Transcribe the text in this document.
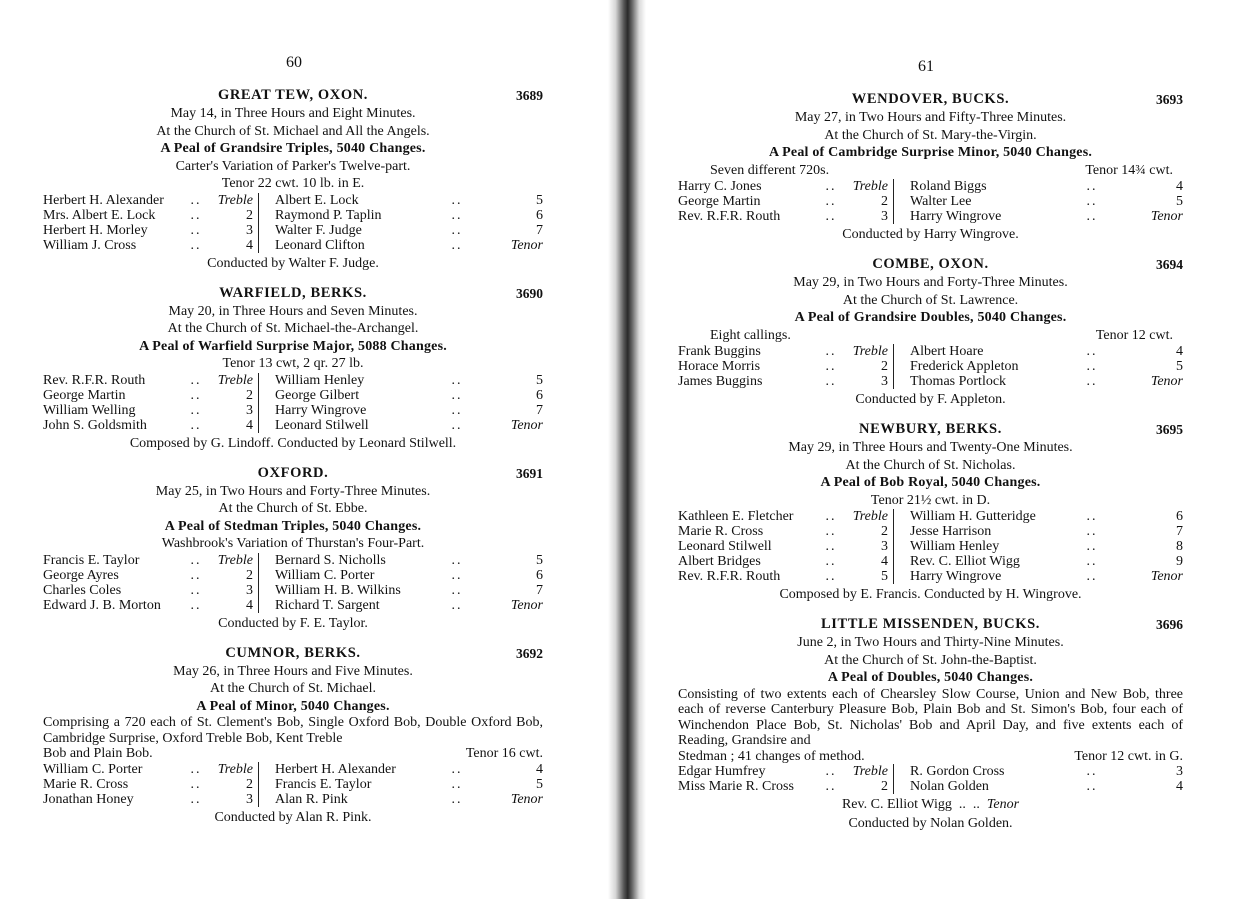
60
GREAT TEW, OXON.	3689
May 14, in Three Hours and Eight Minutes.
At the Church of St. Michael and All the Angels.
A Peal of Grandsire Triples, 5040 Changes.
Carter's Variation of Parker's Twelve-part.
Tenor 22 cwt. 10 lb. in E.
Herbert H. Alexander	..	Treble	Albert E. Lock	..	5
Mrs. Albert E. Lock	..	2	Raymond P. Taplin	..	6
Herbert H. Morley	..	3	Walter F. Judge	..	7
William J. Cross	..	4	Leonard Clifton	..	Tenor
Conducted by Walter F. Judge.
WARFIELD, BERKS.	3690
May 20, in Three Hours and Seven Minutes.
At the Church of St. Michael-the-Archangel.
A Peal of Warfield Surprise Major, 5088 Changes.
Tenor 13 cwt, 2 qr. 27 lb.
Rev. R.F.R. Routh	..	Treble	William Henley	..	5
George Martin	..	2	George Gilbert	..	6
William Welling	..	3	Harry Wingrove	..	7
John S. Goldsmith	..	4	Leonard Stilwell	..	Tenor
Composed by G. Lindoff. Conducted by Leonard Stilwell.
OXFORD.	3691
May 25, in Two Hours and Forty-Three Minutes.
At the Church of St. Ebbe.
A Peal of Stedman Triples, 5040 Changes.
Washbrook's Variation of Thurstan's Four-Part.
Francis E. Taylor	..	Treble	Bernard S. Nicholls	..	5
George Ayres	..	2	William C. Porter	..	6
Charles Coles	..	3	William H. B. Wilkins	..	7
Edward J. B. Morton	..	4	Richard T. Sargent	..	Tenor
Conducted by F. E. Taylor.
CUMNOR, BERKS.	3692
May 26, in Three Hours and Five Minutes.
At the Church of St. Michael.
A Peal of Minor, 5040 Changes.
Comprising a 720 each of St. Clement's Bob, Single Oxford Bob, Double Oxford Bob, Cambridge Surprise, Oxford Treble Bob, Kent Treble
Bob and Plain Bob.	Tenor 16 cwt.
William C. Porter	..	Treble	Herbert H. Alexander	..	4
Marie R. Cross	..	2	Francis E. Taylor	..	5
Jonathan Honey	..	3	Alan R. Pink	..	Tenor
Conducted by Alan R. Pink.
61
WENDOVER, BUCKS.	3693
May 27, in Two Hours and Fifty-Three Minutes.
At the Church of St. Mary-the-Virgin.
A Peal of Cambridge Surprise Minor, 5040 Changes.
Seven different 720s.	Tenor 14¾ cwt.
Harry C. Jones	..	Treble	Roland Biggs	..	4
George Martin	..	2	Walter Lee	..	5
Rev. R.F.R. Routh	..	3	Harry Wingrove	..	Tenor
Conducted by Harry Wingrove.
COMBE, OXON.	3694
May 29, in Two Hours and Forty-Three Minutes.
At the Church of St. Lawrence.
A Peal of Grandsire Doubles, 5040 Changes.
Eight callings.	Tenor 12 cwt.
Frank Buggins	..	Treble	Albert Hoare	..	4
Horace Morris	..	2	Frederick Appleton	..	5
James Buggins	..	3	Thomas Portlock	..	Tenor
Conducted by F. Appleton.
NEWBURY, BERKS.	3695
May 29, in Three Hours and Twenty-One Minutes.
At the Church of St. Nicholas.
A Peal of Bob Royal, 5040 Changes.
Tenor 21½ cwt. in D.
Kathleen E. Fletcher	..	Treble	William H. Gutteridge	..	6
Marie R. Cross	..	2	Jesse Harrison	..	7
Leonard Stilwell	..	3	William Henley	..	8
Albert Bridges	..	4	Rev. C. Elliot Wigg	..	9
Rev. R.F.R. Routh	..	5	Harry Wingrove	..	Tenor
Composed by E. Francis. Conducted by H. Wingrove.
LITTLE MISSENDEN, BUCKS.	3696
June 2, in Two Hours and Thirty-Nine Minutes.
At the Church of St. John-the-Baptist.
A Peal of Doubles, 5040 Changes.
Consisting of two extents each of Chearsley Slow Course, Union and New Bob, three each of reverse Canterbury Pleasure Bob, Plain Bob and St. Simon's Bob, four each of Winchendon Place Bob, St. Nicholas' Bob and April Day, and five extents each of Reading, Grandsire and
Stedman ; 41 changes of method.	Tenor 12 cwt. in G.
Edgar Humfrey	..	Treble	R. Gordon Cross	..	3
Miss Marie R. Cross	..	2	Nolan Golden	..	4
Rev. C. Elliot Wigg  ..  ..  Tenor
Conducted by Nolan Golden.
